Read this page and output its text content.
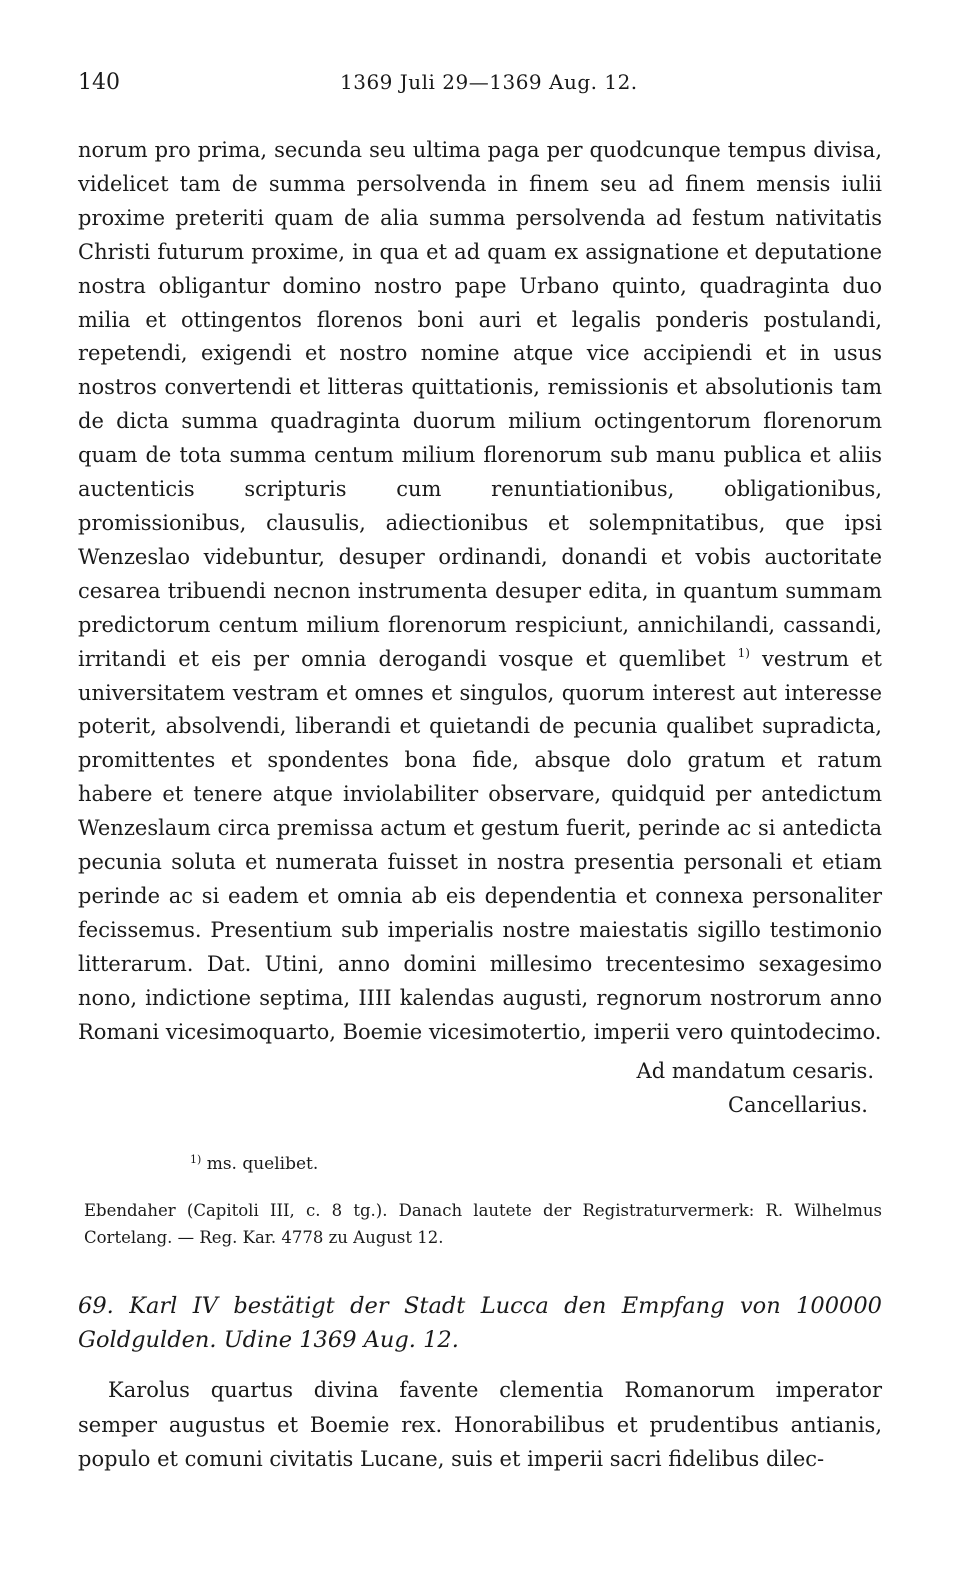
140	1369 Juli 29—1369 Aug. 12.

norum pro prima, secunda seu ultima paga per quodcunque tempus divisa, videlicet tam de summa persolvenda in finem seu ad finem mensis iulii proxime preteriti quam de alia summa persolvenda ad festum nativitatis Christi futurum proxime, in qua et ad quam ex assignatione et deputatione nostra obligantur domino nostro pape Urbano quinto, quadraginta duo milia et ottingentos florenos boni auri et legalis ponderis postulandi, repetendi, exigendi et nostro nomine atque vice accipiendi et in usus nostros convertendi et litteras quittationis, remissionis et absolutionis tam de dicta summa quadraginta duorum milium octingentorum florenorum quam de tota summa centum milium florenorum sub manu publica et aliis auctenticis scripturis cum renuntiationibus, obligationibus, promissionibus, clausulis, adiectionibus et solempnitatibus, que ipsi Wenzeslao videbuntur, desuper ordinandi, donandi et vobis auctoritate cesarea tribuendi necnon instrumenta desuper edita, in quantum summam predictorum centum milium florenorum respiciunt, annichilandi, cassandi, irritandi et eis per omnia derogandi vosque et quemlibet $^{1)}$ vestrum et universitatem vestram et omnes et singulos, quorum interest aut interesse poterit, absolvendi, liberandi et quietandi de pecunia qualibet supradicta, promittentes et spondentes bona fide, absque dolo gratum et ratum habere et tenere atque inviolabiliter observare, quidquid per antedictum Wenzeslaum circa premissa actum et gestum fuerit, perinde ac si antedicta pecunia soluta et numerata fuisset in nostra presentia personali et etiam perinde ac si eadem et omnia ab eis dependentia et connexa personaliter fecissemus. Presentium sub imperialis nostre maiestatis sigillo testimonio litterarum. Dat. Utini, anno domini millesimo trecentesimo sexagesimo nono, indictione septima, IIII kalendas augusti, regnorum nostrorum anno Romani vicesimoquarto, Boemie vicesimotertio, imperii vero quintodecimo.

Ad mandatum cesaris.
Cancellarius.
$^{1)}$ ms. quelibet.
Ebendaher (Capitoli III, c. 8 tg.). Danach lautete der Registraturvermerk: R. Wilhelmus Cortelang. — Reg. Kar. 4778 zu August 12.
69. Karl IV bestätigt der Stadt Lucca den Empfang von 100000 Goldgulden. Udine 1369 Aug. 12.

Karolus quartus divina favente clementia Romanorum imperator semper augustus et Boemie rex. Honorabilibus et prudentibus antianis, populo et comuni civitatis Lucane, suis et imperii sacri fidelibus dilec-
